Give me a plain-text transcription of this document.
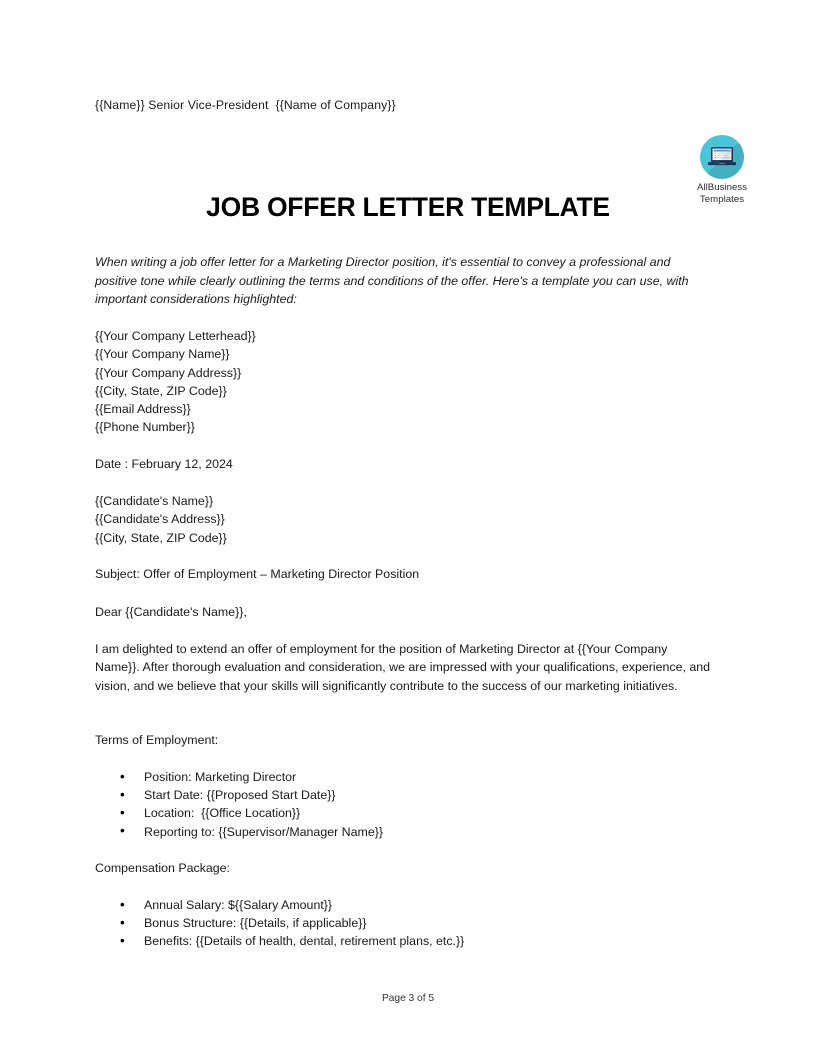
{{Name}} Senior Vice-President  {{Name of Company}}
AllBusiness
Templates
JOB OFFER LETTER TEMPLATE
When writing a job offer letter for a Marketing Director position, it's essential to convey a professional and positive tone while clearly outlining the terms and conditions of the offer. Here's a template you can use, with important considerations highlighted:
{{Your Company Letterhead}}
{{Your Company Name}}
{{Your Company Address}}
{{City, State, ZIP Code}}
{{Email Address}}
{{Phone Number}}
Date : February 12, 2024
{{Candidate's Name}}
{{Candidate's Address}}
{{City, State, ZIP Code}}
Subject: Offer of Employment – Marketing Director Position
Dear {{Candidate's Name}},
I am delighted to extend an offer of employment for the position of Marketing Director at {{Your Company Name}}. After thorough evaluation and consideration, we are impressed with your qualifications, experience, and vision, and we believe that your skills will significantly contribute to the success of our marketing initiatives.
Terms of Employment:
• Position: Marketing Director
• Start Date: {{Proposed Start Date}}
• Location:  {{Office Location}}
• Reporting to: {{Supervisor/Manager Name}}
Compensation Package:
• Annual Salary: ${{Salary Amount}}
• Bonus Structure: {{Details, if applicable}}
• Benefits: {{Details of health, dental, retirement plans, etc.}}
Page 3 of 5
